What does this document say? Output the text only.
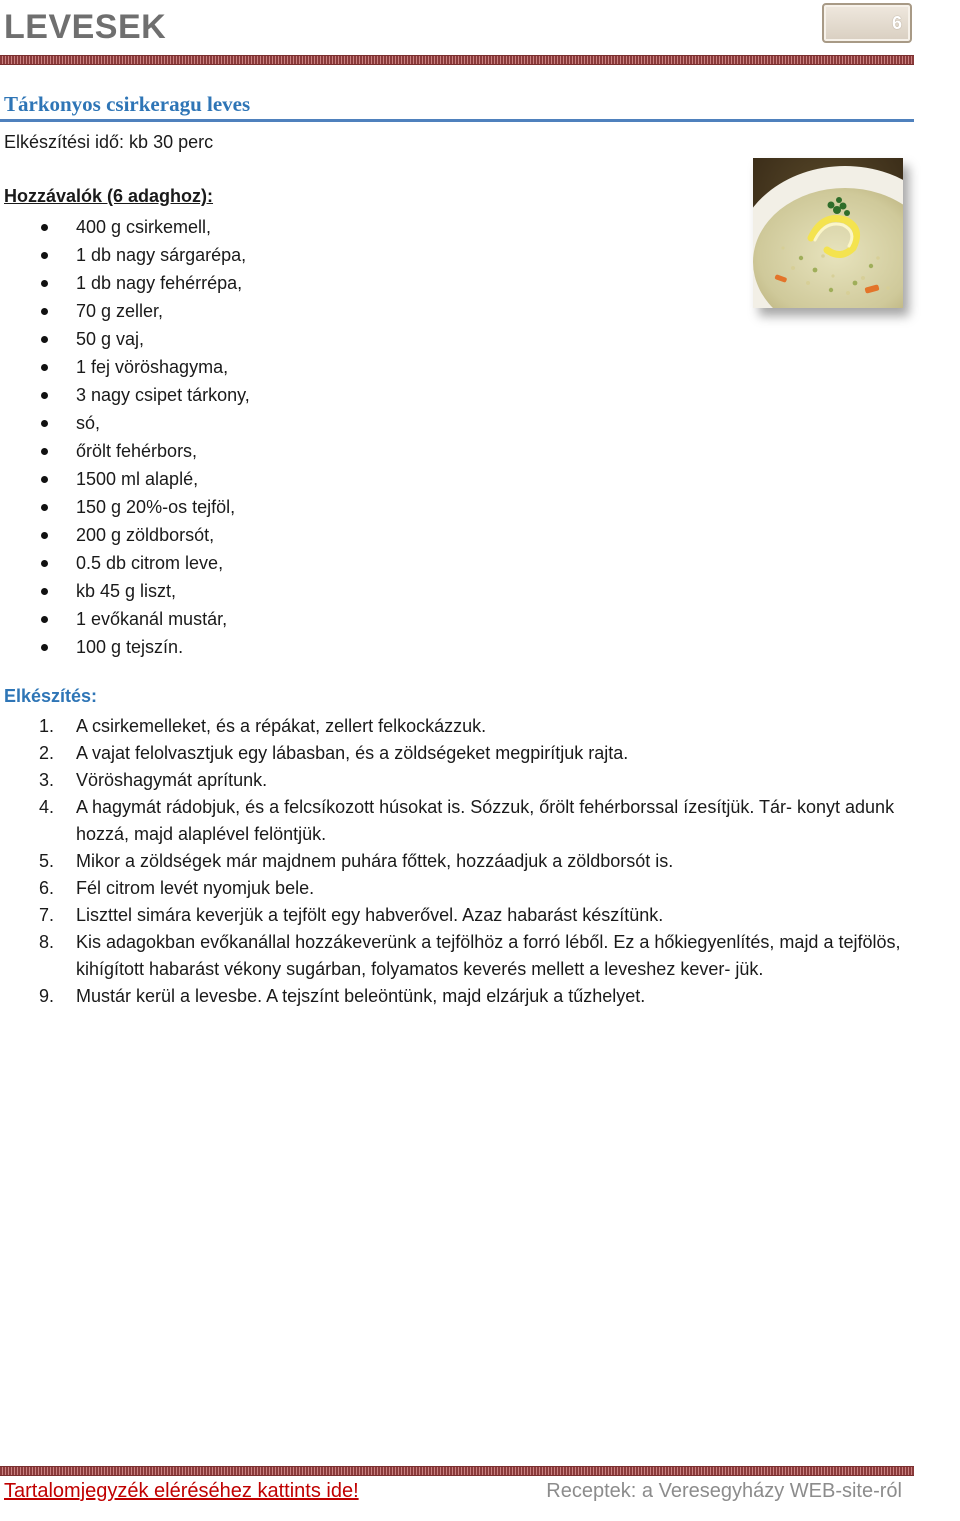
LEVESEK	6
Tárkonyos csirkeragu leves
Elkészítési idő: kb 30 perc
Hozzávalók (6 adaghoz):
400 g csirkemell,
1 db nagy sárgarépa,
1 db nagy fehérrépa,
70 g zeller,
50 g vaj,
1 fej vöröshagyma,
3 nagy csipet tárkony,
só,
őrölt fehérbors,
1500 ml alaplé,
150 g 20%-os tejföl,
200 g zöldborsót,
0.5 db citrom leve,
kb 45 g liszt,
1 evőkanál mustár,
100 g tejszín.
Elkészítés:
1. A csirkemelleket, és a répákat, zellert felkockázzuk.
2. A vajat felolvasztjuk egy lábasban, és a zöldségeket megpirítjuk rajta.
3. Vöröshagymát aprítunk.
4. A hagymát rádobjuk, és a felcsíkozott húsokat is. Sózzuk, őrölt fehérborssal ízesítjük. Tár- konyt adunk hozzá, majd alaplével felöntjük.
5. Mikor a zöldségek már majdnem puhára főttek, hozzáadjuk a zöldborsót is.
6. Fél citrom levét nyomjuk bele.
7. Liszttel simára keverjük a tejfölt egy habverővel. Azaz habarást készítünk.
8. Kis adagokban evőkanállal hozzákeverünk a tejfölhöz a forró léből. Ez a hőkiegyenlítés, majd a tejfölös, kihígított habarást vékony sugárban, folyamatos keverés mellett a leveshez kever- jük.
9. Mustár kerül a levesbe. A tejszínt beleöntünk, majd elzárjuk a tűzhelyet.
Tartalomjegyzék eléréséhez kattints ide!	Receptek: a Veresegyházy WEB-site-ról
